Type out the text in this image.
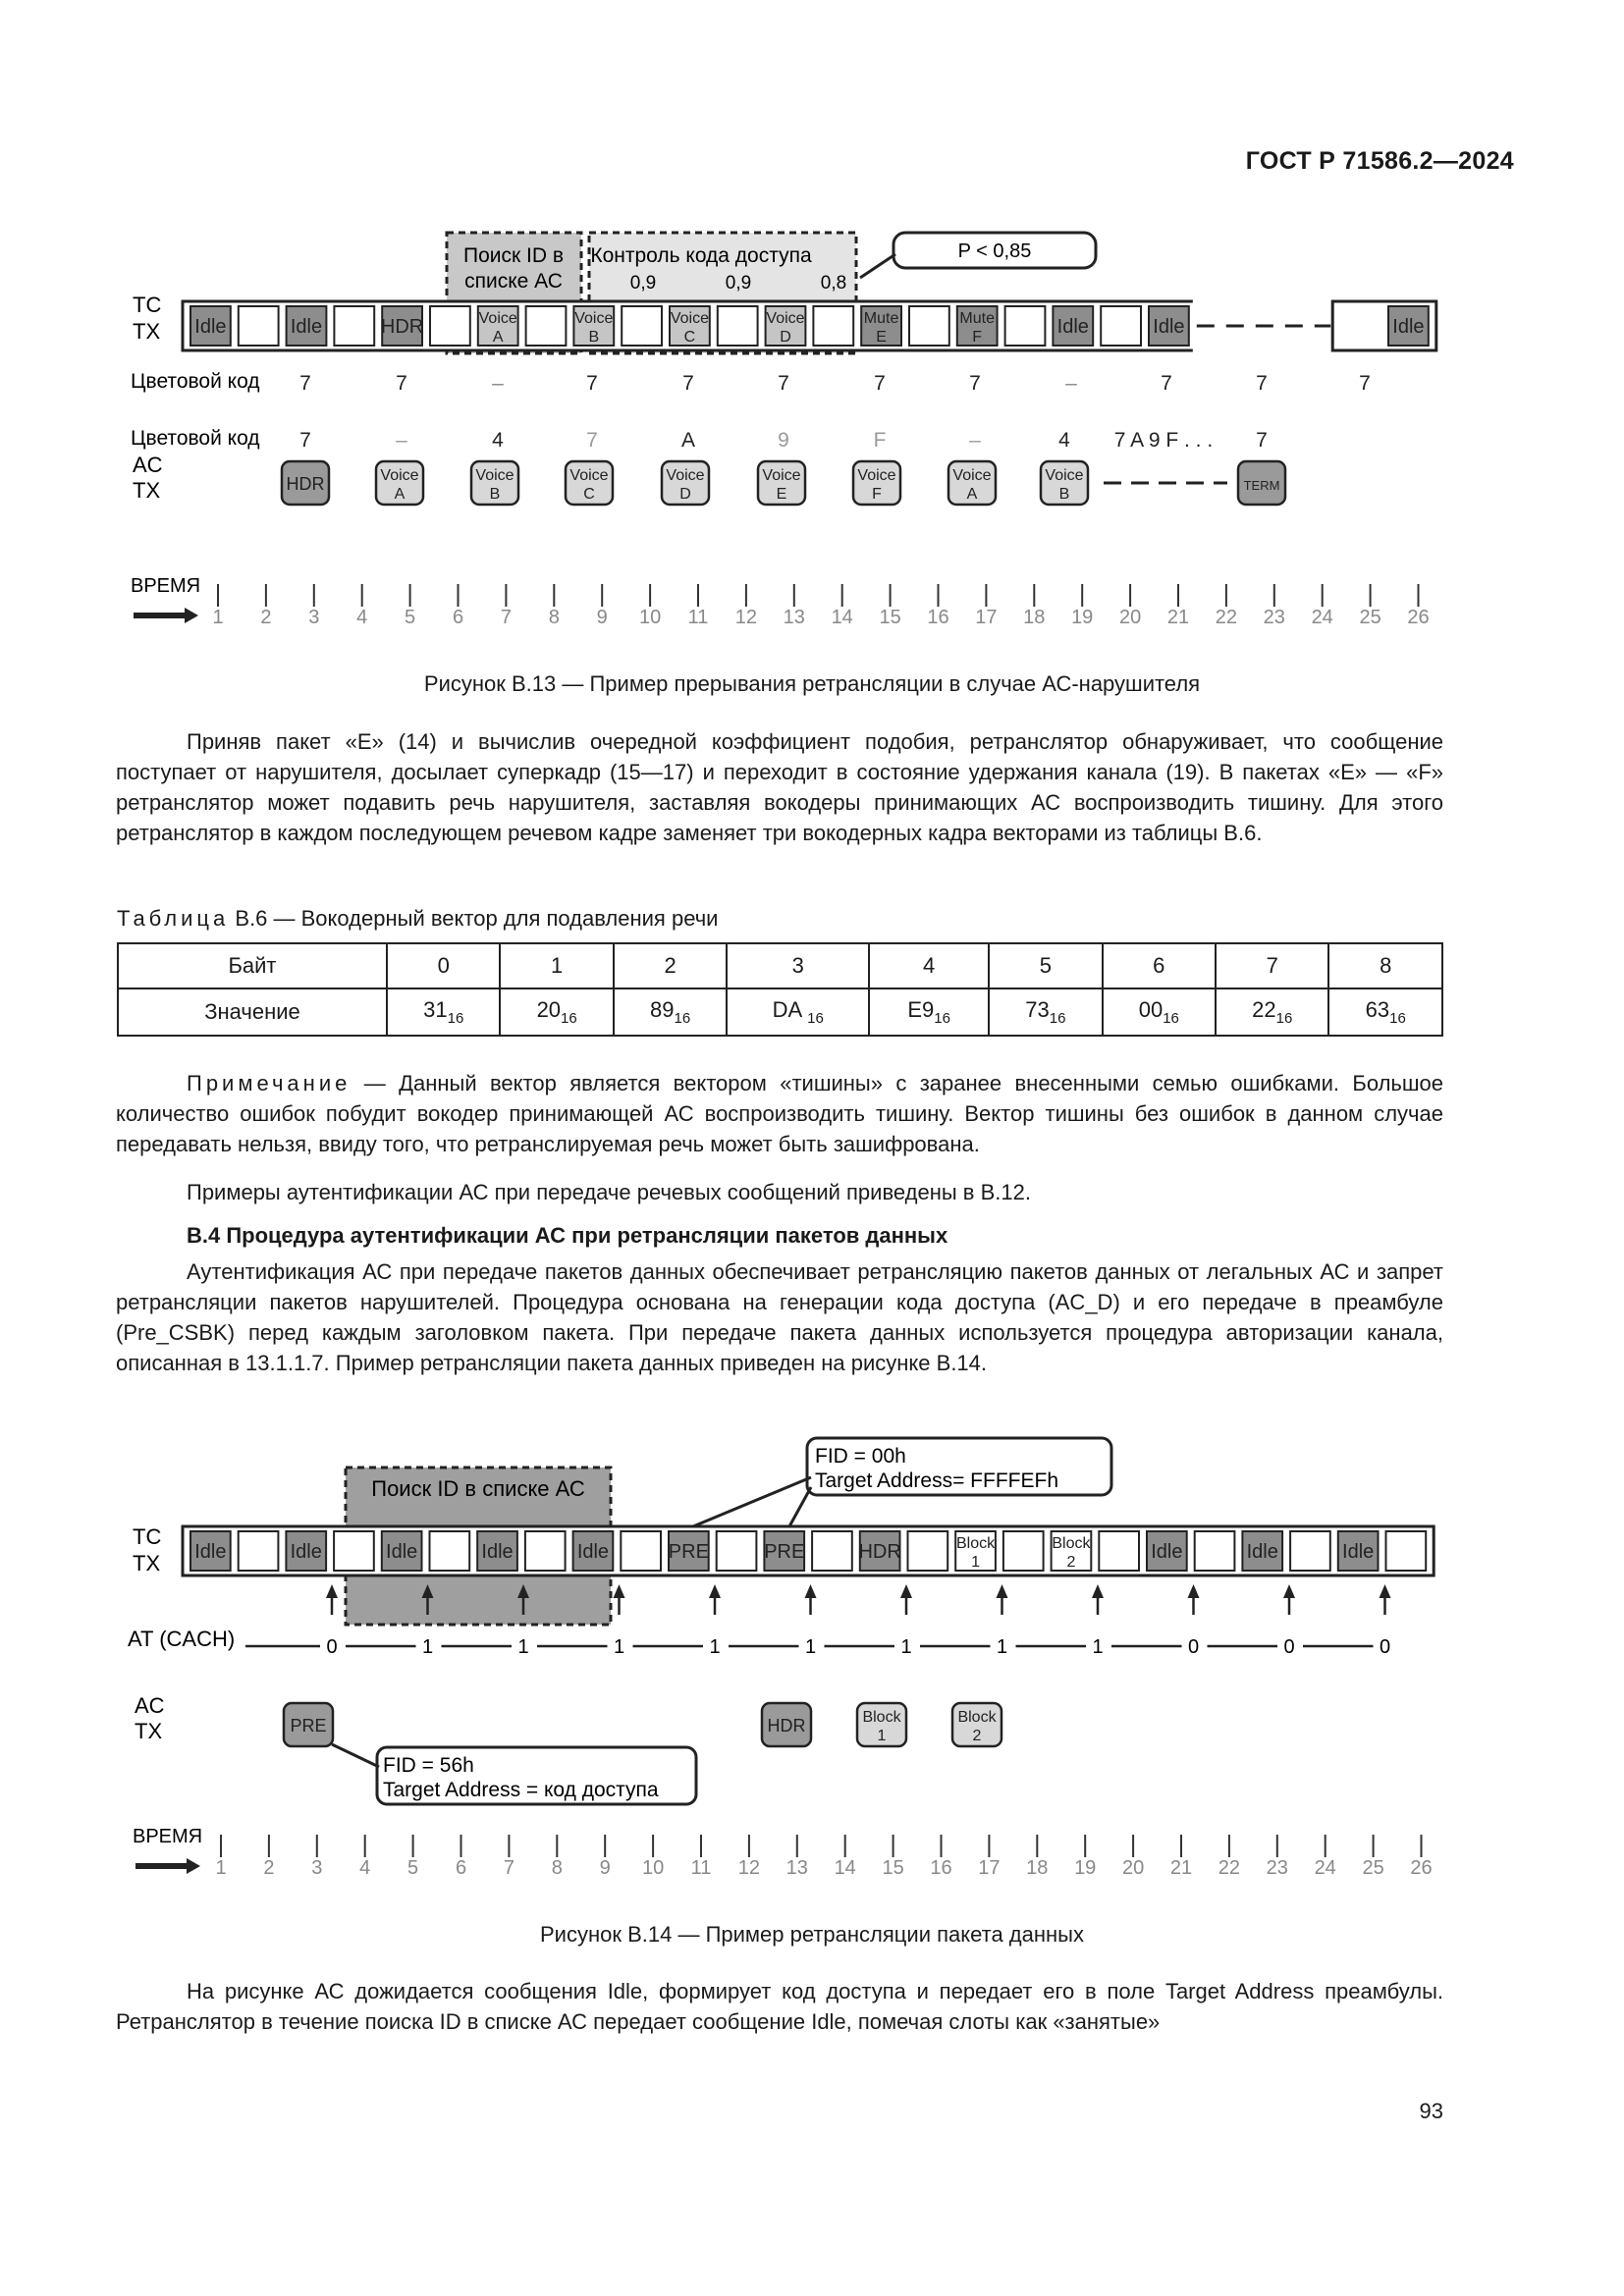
ГОСТ Р 71586.2—2024
Поиск ID в
списке АС
Контроль кода доступа
0,9	0,9	0,8
P < 0,85
TC
TX Idle	Idle	HDR	Voice
A
Voice
B
Voice
C
Voice
D
Mute
E
Mute
F	Idle	Idle	Idle
Цветовой код 7	7	–	7	7	7	7	7	–	7	7	7
Цветовой код 7	–	4	7	A	9	F	–	4 7 A 9 F . . . 7
AC
TX	HDR	Voice
A
Voice
B
Voice
C
Voice
D
Voice
E
Voice
F
Voice
A
Voice
B
TERM
ВРЕМЯ
1 2 3 4 5 6 7 8 9 10 11 12 13 14 15 16 17 18 19 20 21 22 23 24 25 26
Рисунок В.13 — Пример прерывания ретрансляции в случае АС-нарушителя
Приняв пакет «E» (14) и вычислив очередной коэффициент подобия, ретранслятор обнаруживает, что сообщение поступает от нарушителя, досылает суперкадр (15—17) и переходит в состояние удержания канала (19). В пакетах «E» — «F» ретранслятор может подавить речь нарушителя, заставляя вокодеры принимающих АС воспроизводить тишину. Для этого ретранслятор в каждом последующем речевом кадре заменяет три вокодерных кадра векторами из таблицы В.6.
Таблица В.6 — Вокодерный вектор для подавления речи
Байт	0	1	2	3	4	5	6	7	8
Значение	$31_{16}$	$20_{16}$	$89_{16}$	DA $_{16}$	$E9_{16}$	$73_{16}$	$00_{16}$	$22_{16}$	$63_{16}$
Примечание — Данный вектор является вектором «тишины» с заранее внесенными семью ошибками. Большое количество ошибок побудит вокодер принимающей АС воспроизводить тишину. Вектор тишины без ошибок в данном случае передавать нельзя, ввиду того, что ретранслируемая речь может быть зашифрована.
Примеры аутентификации АС при передаче речевых сообщений приведены в В.12.
В.4 Процедура аутентификации АС при ретрансляции пакетов данных
Аутентификация АС при передаче пакетов данных обеспечивает ретрансляцию пакетов данных от легальных АС и запрет ретрансляции пакетов нарушителей. Процедура основана на генерации кода доступа (AC_D) и его передаче в преамбуле (Pre_CSBK) перед каждым заголовком пакета. При передаче пакета данных используется процедура авторизации канала, описанная в 13.1.1.7. Пример ретрансляции пакета данных приведен на рисунке В.14.
Поиск ID в списке АС
FID = 00h
Target Address= FFFFEFh
TC
TX Idle	Idle	Idle	Idle	Idle	PRE	PRE	HDR	Block
1
Block
2	Idle	Idle	Idle
AT (CACH)	0	1	1	1	1	1	1	1	1	0	0	0
AC
TX	PRE	HDR	Block
1
Block
2
FID = 56h
Target Address = код доступа
ВРЕМЯ
1 2 3 4 5 6 7 8 9 10 11 12 13 14 15 16 17 18 19 20 21 22 23 24 25 26
Рисунок В.14 — Пример ретрансляции пакета данных
На рисунке АС дожидается сообщения Idle, формирует код доступа и передает его в поле Target Address преамбулы. Ретранслятор в течение поиска ID в списке АС передает сообщение Idle, помечая слоты как «занятые»
93
